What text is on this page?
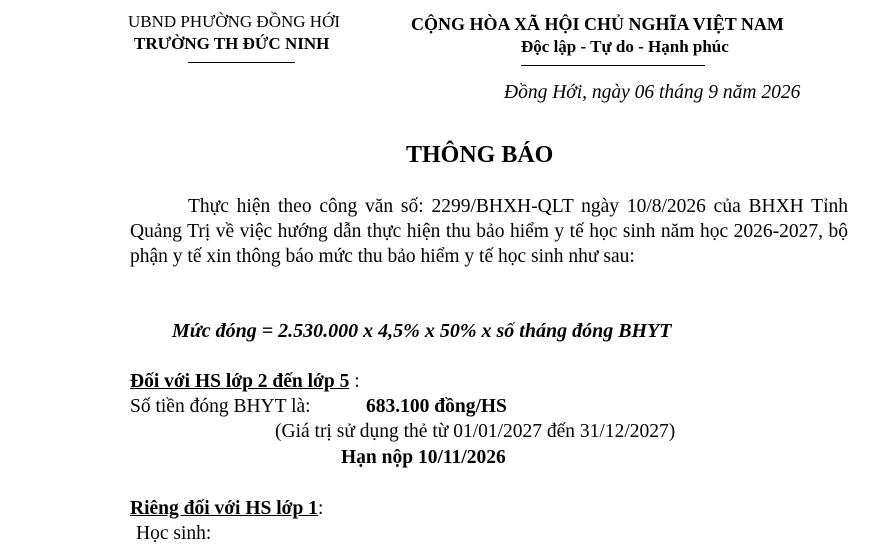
UBND PHƯỜNG ĐỒNG HỚI
TRƯỜNG TH ĐỨC NINH
CỘNG HÒA XÃ HỘI CHỦ NGHĨA VIỆT NAM
Độc lập - Tự do - Hạnh phúc
Đồng Hới, ngày 06 tháng 9 năm 2026
THÔNG BÁO
Thực hiện theo công văn số: 2299/BHXH-QLT ngày 10/8/2026 của BHXH Tỉnh Quảng Trị về việc hướng dẫn thực hiện thu bảo hiểm y tế học sinh năm học 2026-2027, bộ phận y tế xin thông báo mức thu bảo hiểm y tế học sinh như sau:
Mức đóng = 2.530.000 x 4,5% x 50% x số tháng đóng BHYT
Đối với HS lớp 2 đến lớp 5 :
Số tiền đóng BHYT là:	683.100 đồng/HS
(Giá trị sử dụng thẻ từ 01/01/2027 đến 31/12/2027)
Hạn nộp 10/11/2026
Riêng đối với HS lớp 1:
Học sinh:
